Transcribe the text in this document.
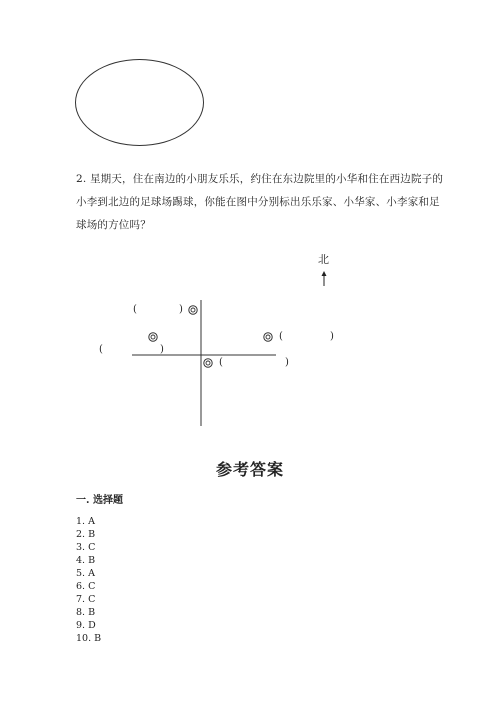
2. 星期天，住在南边的小朋友乐乐，约住在东边院里的小华和住在西边院子的
小李到北边的足球场踢球，你能在图中分别标出乐乐家、小华家、小李家和足
球场的方位吗？
北
(	)
(	)
(	)
(	)
参考答案
一. 选择题
1. A
2. B
3. C
4. B
5. A
6. C
7. C
8. B
9. D
10. B
